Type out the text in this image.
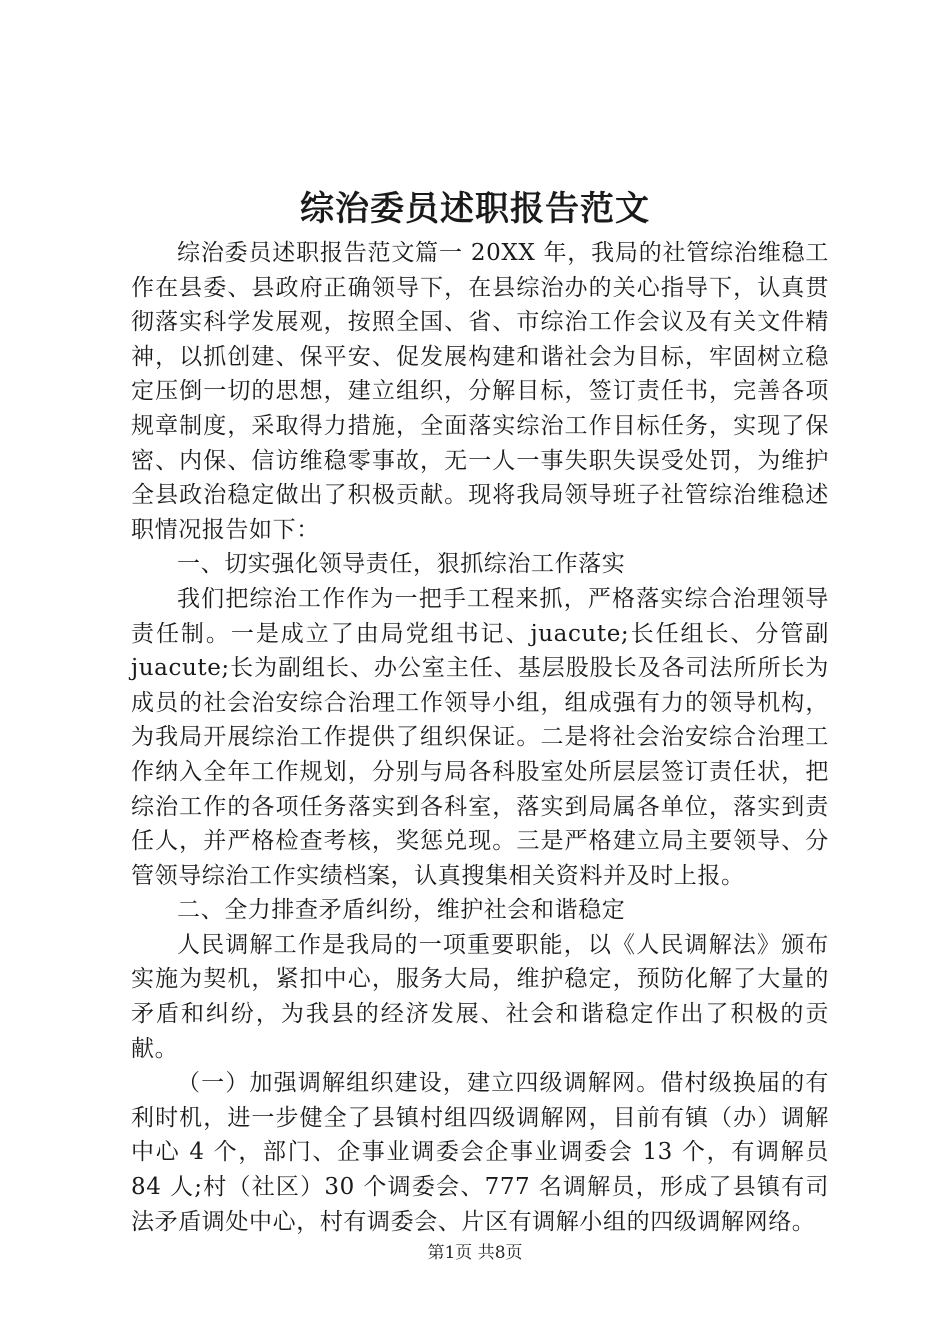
综治委员述职报告范文

综治委员述职报告范文篇一 20XX 年，我局的社管综治维稳工作在县委、县政府正确领导下，在县综治办的关心指导下，认真贯彻落实科学发展观，按照全国、省、市综治工作会议及有关文件精神，以抓创建、保平安、促发展构建和谐社会为目标，牢固树立稳定压倒一切的思想，建立组织，分解目标，签订责任书，完善各项规章制度，采取得力措施，全面落实综治工作目标任务，实现了保密、内保、信访维稳零事故，无一人一事失职失误受处罚，为维护全县政治稳定做出了积极贡献。现将我局领导班子社管综治维稳述职情况报告如下：

一、切实强化领导责任，狠抓综治工作落实

我们把综治工作作为一把手工程来抓，严格落实综合治理领导责任制。一是成立了由局党组书记、juacute;长任组长、分管副 juacute;长为副组长、办公室主任、基层股股长及各司法所所长为成员的社会治安综合治理工作领导小组，组成强有力的领导机构，为我局开展综治工作提供了组织保证。二是将社会治安综合治理工作纳入全年工作规划，分别与局各科股室处所层层签订责任状，把综治工作的各项任务落实到各科室，落实到局属各单位，落实到责任人，并严格检查考核，奖惩兑现。三是严格建立局主要领导、分管领导综治工作实绩档案，认真搜集相关资料并及时上报。

二、全力排查矛盾纠纷，维护社会和谐稳定

人民调解工作是我局的一项重要职能，以《人民调解法》颁布实施为契机，紧扣中心，服务大局，维护稳定，预防化解了大量的矛盾和纠纷，为我县的经济发展、社会和谐稳定作出了积极的贡献。

（一）加强调解组织建设，建立四级调解网。借村级换届的有利时机，进一步健全了县镇村组四级调解网，目前有镇（办）调解中心 4 个，部门、企事业调委会企事业调委会 13 个，有调解员 84 人;村（社区）30 个调委会、777 名调解员，形成了县镇有司法矛盾调处中心，村有调委会、片区有调解小组的四级调解网络。

第1页 共8页
